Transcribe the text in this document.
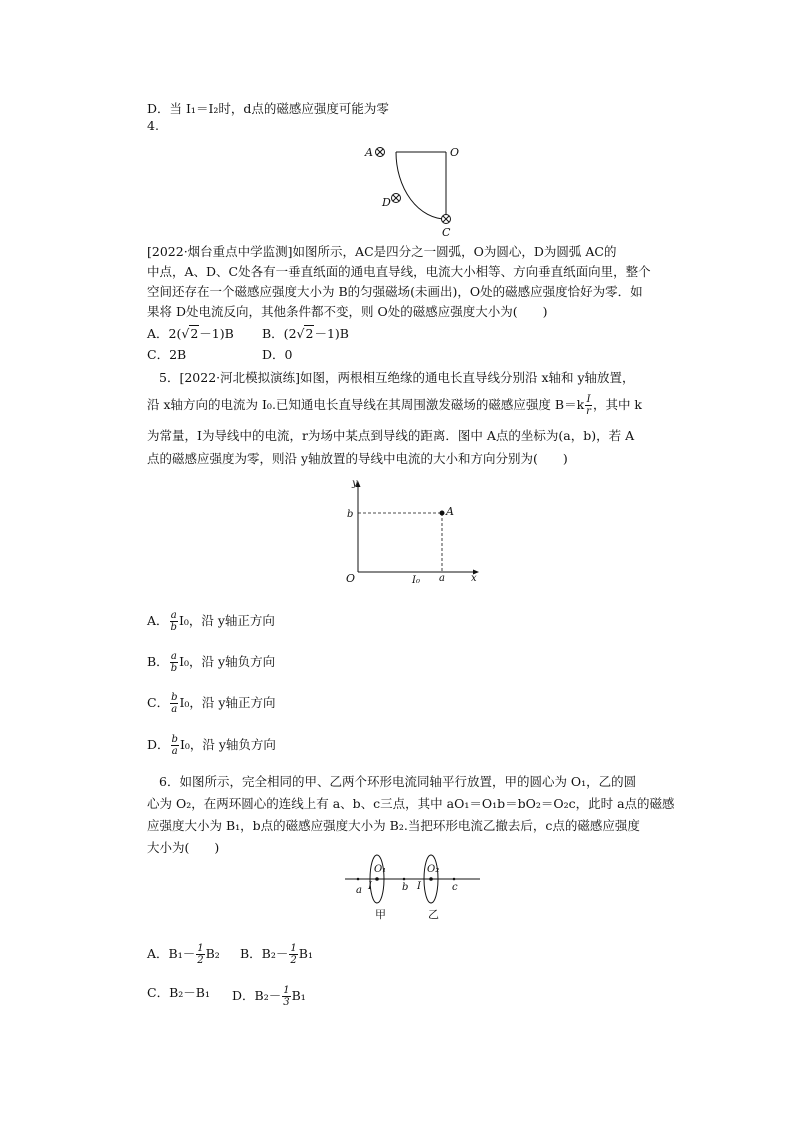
D．当 I₁＝I₂时，d点的磁感应强度可能为零
4.
A	O
D
C
[2022·烟台重点中学监测]如图所示，AC是四分之一圆弧，O为圆心，D为圆弧 AC的
中点，A、D、C处各有一垂直纸面的通电直导线，电流大小相等、方向垂直纸面向里，整个
空间还存在一个磁感应强度大小为 B的匀强磁场(未画出)，O处的磁感应强度恰好为零．如
果将 D处电流反向，其他条件都不变，则 O处的磁感应强度大小为(　　)
A．2(√2－1)B B．(2√2－1)B
C．2B	D．0
5．[2022·河北模拟演练]如图，两根相互绝缘的通电长直导线分别沿 x轴和 y轴放置，
沿 x轴方向的电流为 I₀.已知通电长直导线在其周围激发磁场的磁感应强度 $B=k \frac{I}{r}$ ，其中 k
为常量，I为导线中的电流，r为场中某点到导线的距离．图中 A点的坐标为(a，b)，若 A
点的磁感应强度为零，则沿 y轴放置的导线中电流的大小和方向分别为(　　)
y
b	A
O	I₀ a	x
A． $\frac{a}{b} I_0$，沿 y轴正方向
B． $\frac{a}{b} I_0$，沿 y轴负方向
C． $\frac{b}{a} I_0$，沿 y轴正方向
D． $\frac{b}{a} I_0$，沿 y轴负方向
6．如图所示，完全相同的甲、乙两个环形电流同轴平行放置，甲的圆心为 O₁，乙的圆
心为 O₂，在两环圆心的连线上有 a、b、c三点，其中 aO₁＝O₁b＝bO₂＝O₂c，此时 a点的磁感
应强度大小为 B₁，b点的磁感应强度大小为 B₂.当把环形电流乙撤去后，c点的磁感应强度
大小为(　　)
a I
O₁
b I
O₂
c
甲	乙
A．$B_1- \frac{1}{2} B_2$ B．$B_2- \frac{1}{2} B_1$
C．B₂－B₁ D．$B_2- \frac{1}{3} B_1$
